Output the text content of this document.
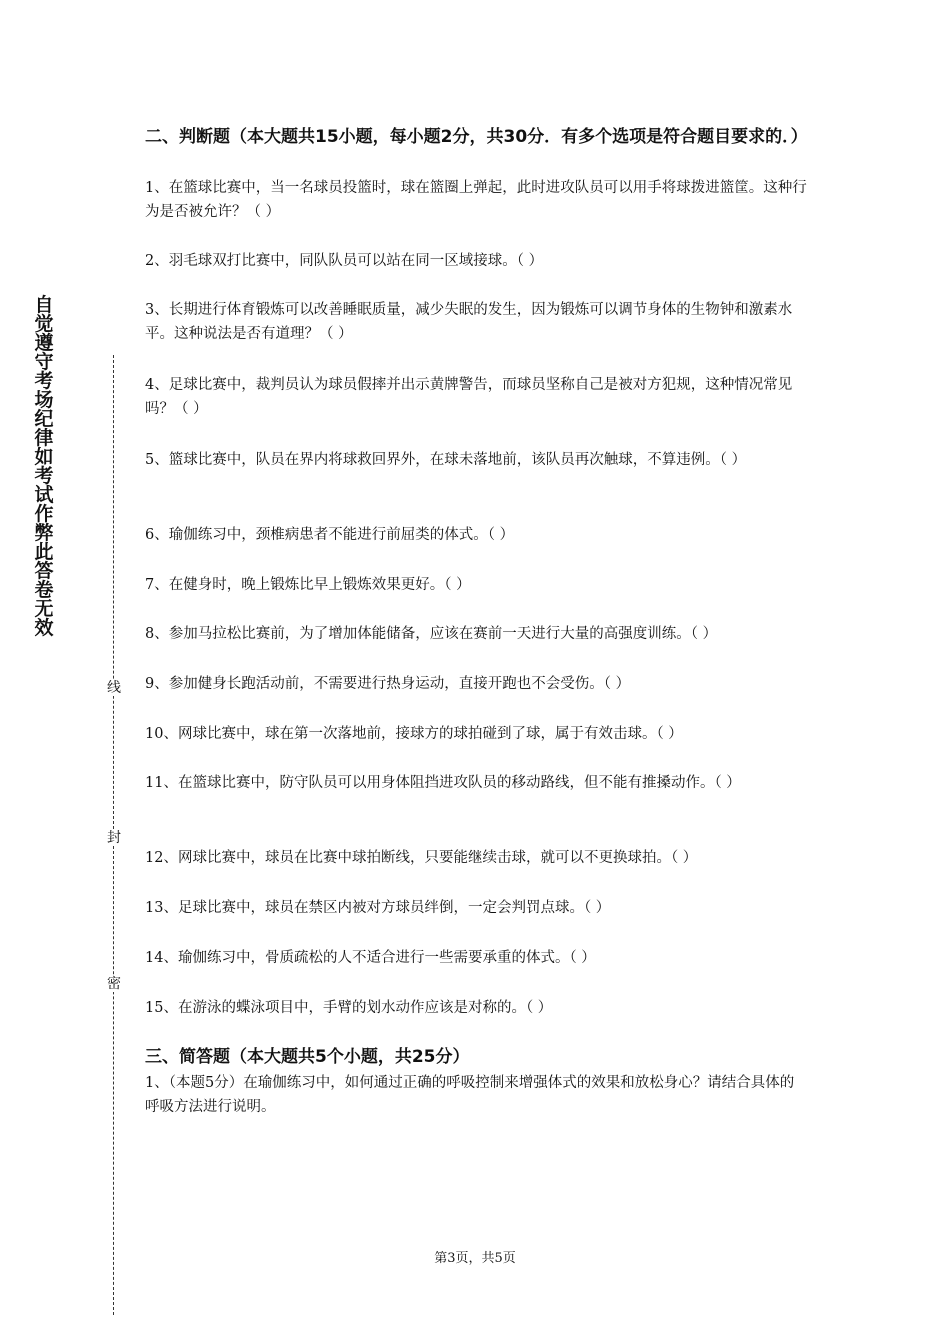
自觉遵守考场纪律如考试作弊此答卷无效
线
封
密
二、判断题（本大题共15小题，每小题2分，共30分．有多个选项是符合题目要求的．）
1、在篮球比赛中，当一名球员投篮时，球在篮圈上弹起，此时进攻队员可以用手将球拨进篮筐。这种行为是否被允许？（ ）
2、羽毛球双打比赛中，同队队员可以站在同一区域接球。（ ）
3、长期进行体育锻炼可以改善睡眠质量，减少失眠的发生，因为锻炼可以调节身体的生物钟和激素水平。这种说法是否有道理？（ ）
4、足球比赛中，裁判员认为球员假摔并出示黄牌警告，而球员坚称自己是被对方犯规，这种情况常见吗？（ ）
5、篮球比赛中，队员在界内将球救回界外，在球未落地前，该队员再次触球，不算违例。（ ）
6、瑜伽练习中，颈椎病患者不能进行前屈类的体式。（ ）
7、在健身时，晚上锻炼比早上锻炼效果更好。（ ）
8、参加马拉松比赛前，为了增加体能储备，应该在赛前一天进行大量的高强度训练。（ ）
9、参加健身长跑活动前，不需要进行热身运动，直接开跑也不会受伤。（ ）
10、网球比赛中，球在第一次落地前，接球方的球拍碰到了球，属于有效击球。（ ）
11、在篮球比赛中，防守队员可以用身体阻挡进攻队员的移动路线，但不能有推搡动作。（ ）
12、网球比赛中，球员在比赛中球拍断线，只要能继续击球，就可以不更换球拍。（ ）
13、足球比赛中，球员在禁区内被对方球员绊倒，一定会判罚点球。（ ）
14、瑜伽练习中，骨质疏松的人不适合进行一些需要承重的体式。（ ）
15、在游泳的蝶泳项目中，手臂的划水动作应该是对称的。（ ）
三、简答题（本大题共5个小题，共25分）
1、（本题5分）在瑜伽练习中，如何通过正确的呼吸控制来增强体式的效果和放松身心？请结合具体的呼吸方法进行说明。
第3页，共5页
